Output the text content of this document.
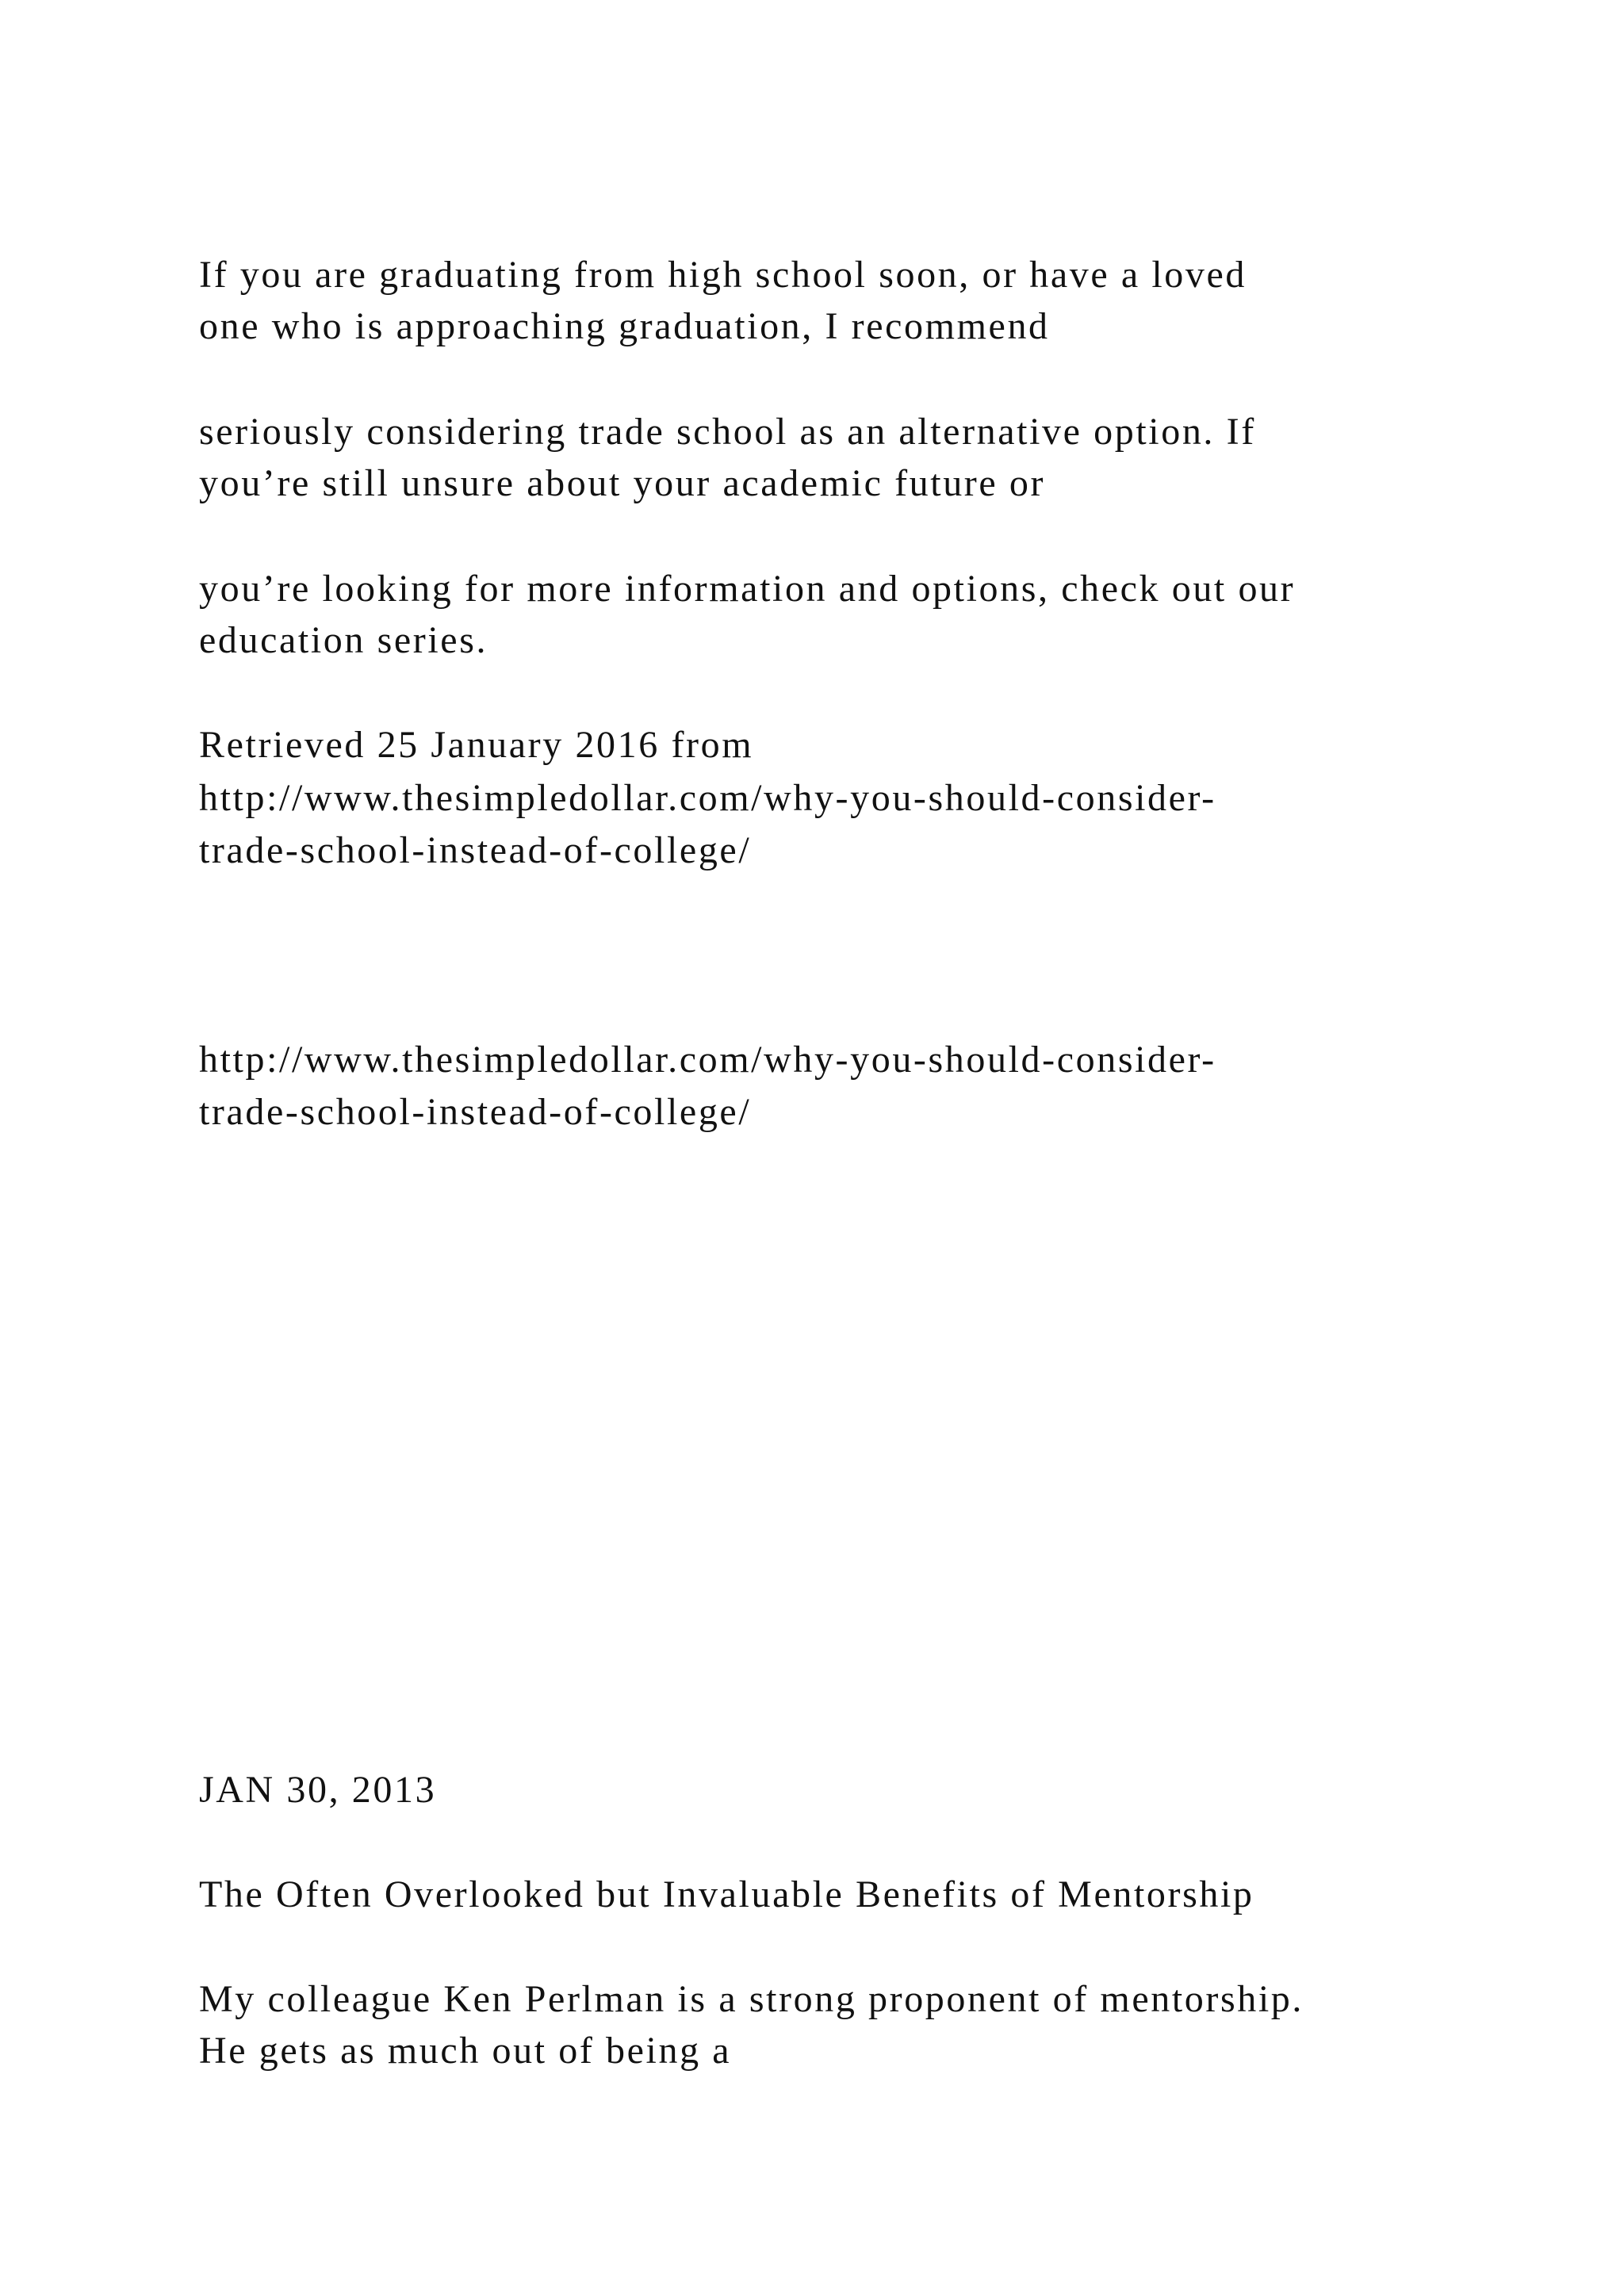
If you are graduating from high school soon, or have a loved

one who is approaching graduation, I recommend

seriously considering trade school as an alternative option. If

you’re still unsure about your academic future or

you’re looking for more information and options, check out our

education series.

Retrieved 25 January 2016 from

http://www.thesimpledollar.com/why-you-should-consider-

trade-school-instead-of-college/

http://www.thesimpledollar.com/why-you-should-consider-

trade-school-instead-of-college/

JAN 30, 2013

The Often Overlooked but Invaluable Benefits of Mentorship

My colleague Ken Perlman is a strong proponent of mentorship.

He gets as much out of being a
